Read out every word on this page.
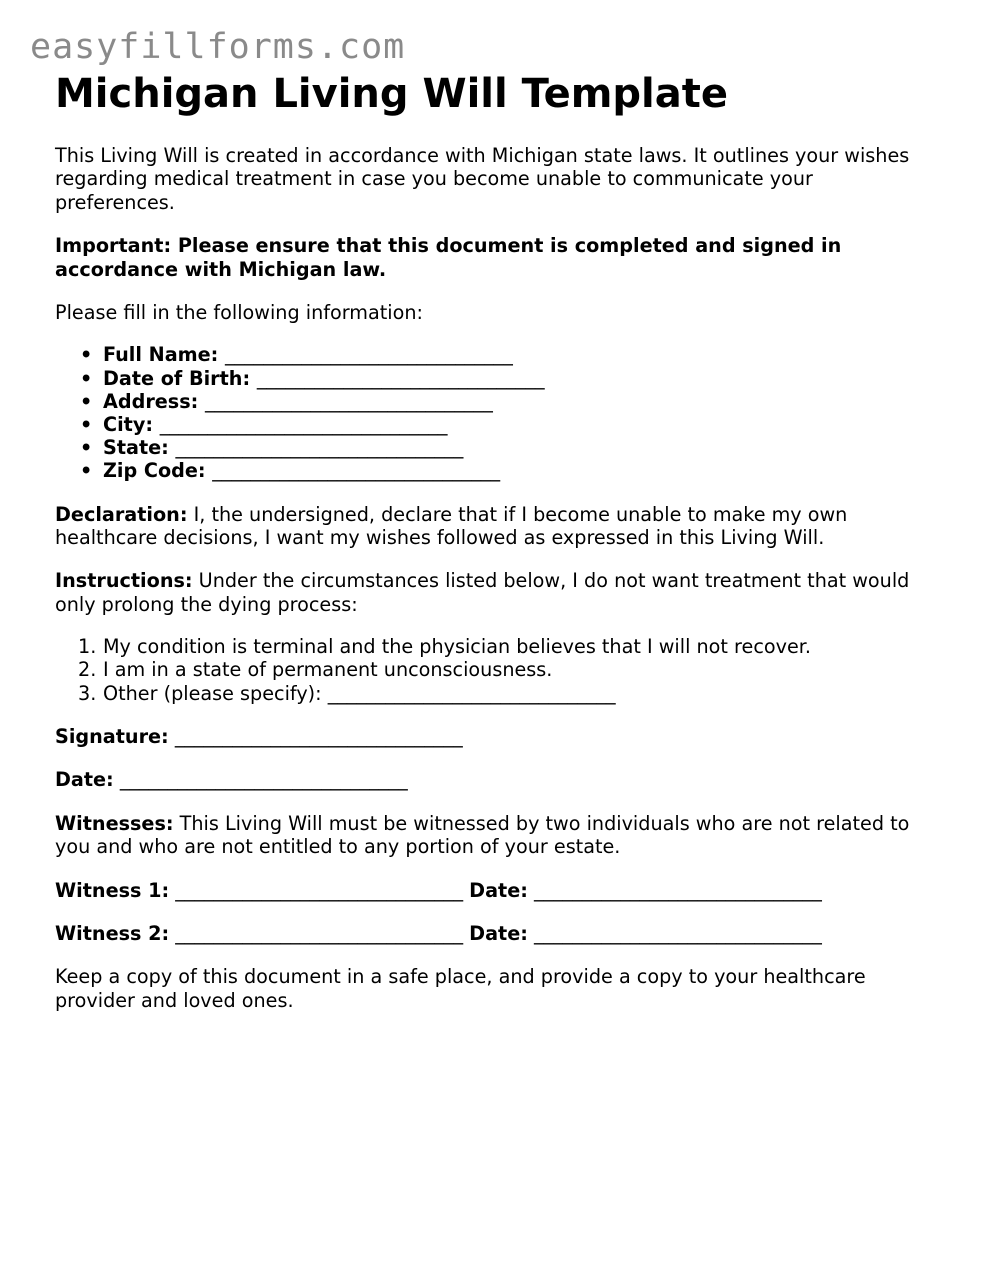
easyfillforms.com
Michigan Living Will Template

This Living Will is created in accordance with Michigan state laws. It outlines your wishes regarding medical treatment in case you become unable to communicate your preferences.

Important: Please ensure that this document is completed and signed in accordance with Michigan law.

Please fill in the following information:

• Full Name: ______________________________
• Date of Birth: ______________________________
• Address: ______________________________
• City: ______________________________
• State: ______________________________
• Zip Code: ______________________________

Declaration: I, the undersigned, declare that if I become unable to make my own healthcare decisions, I want my wishes followed as expressed in this Living Will.

Instructions: Under the circumstances listed below, I do not want treatment that would only prolong the dying process:

1. My condition is terminal and the physician believes that I will not recover.
2. I am in a state of permanent unconsciousness.
3. Other (please specify): ______________________________
Signature: ______________________________
Date: ______________________________

Witnesses: This Living Will must be witnessed by two individuals who are not related to you and who are not entitled to any portion of your estate.

Witness 1: ______________________________ Date: ______________________________
Witness 2: ______________________________ Date: ______________________________

Keep a copy of this document in a safe place, and provide a copy to your healthcare provider and loved ones.
